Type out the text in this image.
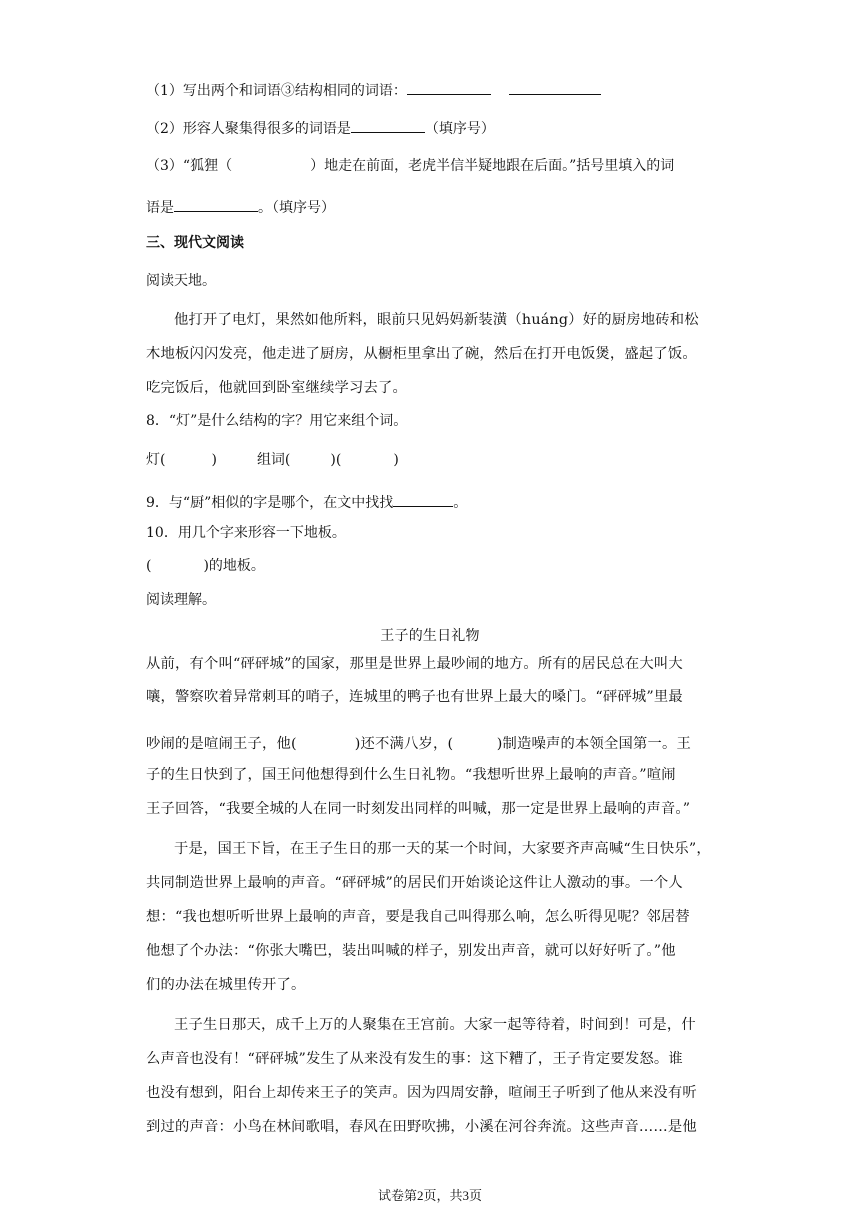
（1）写出两个和词语③结构相同的词语：
（2）形容人聚集得很多的词语是	（填序号）
（3）“狐狸（	）地走在前面，老虎半信半疑地跟在后面。”括号里填入的词
语是	。（填序号）
三、现代文阅读
阅读天地。
他打开了电灯，果然如他所料，眼前只见妈妈新装潢（huáng）好的厨房地砖和松
木地板闪闪发亮，他走进了厨房，从橱柜里拿出了碗，然后在打开电饭煲，盛起了饭。
吃完饭后，他就回到卧室继续学习去了。
8．“灯”是什么结构的字？用它来组个词。
灯(	)	组词(	)(	)
9．与“厨”相似的字是哪个，在文中找找	。
10．用几个字来形容一下地板。
(	)的地板。
阅读理解。
王子的生日礼物
从前，有个叫“砰砰城”的国家，那里是世界上最吵闹的地方。所有的居民总在大叫大
嚷，警察吹着异常刺耳的哨子，连城里的鸭子也有世界上最大的嗓门。“砰砰城”里最
吵闹的是喧闹王子，他(　　　　)还不满八岁，(　　　)制造噪声的本领全国第一。王
子的生日快到了，国王问他想得到什么生日礼物。“我想听世界上最响的声音。”喧闹
王子回答，“我要全城的人在同一时刻发出同样的叫喊，那一定是世界上最响的声音。”
于是，国王下旨，在王子生日的那一天的某一个时间，大家要齐声高喊“生日快乐”，
共同制造世界上最响的声音。“砰砰城”的居民们开始谈论这件让人激动的事。一个人
想：“我也想听听世界上最响的声音，要是我自己叫得那么响，怎么听得见呢？邻居替
他想了个办法：“你张大嘴巴，装出叫喊的样子，别发出声音，就可以好好听了。”他
们的办法在城里传开了。
王子生日那天，成千上万的人聚集在王宫前。大家一起等待着，时间到！可是，什
么声音也没有！“砰砰城”发生了从来没有发生的事：这下糟了，王子肯定要发怒。谁
也没有想到，阳台上却传来王子的笑声。因为四周安静，喧闹王子听到了他从来没有听
到过的声音：小鸟在林间歌唱，春风在田野吹拂，小溪在河谷奔流。这些声音……是他
试卷第2页，共3页
